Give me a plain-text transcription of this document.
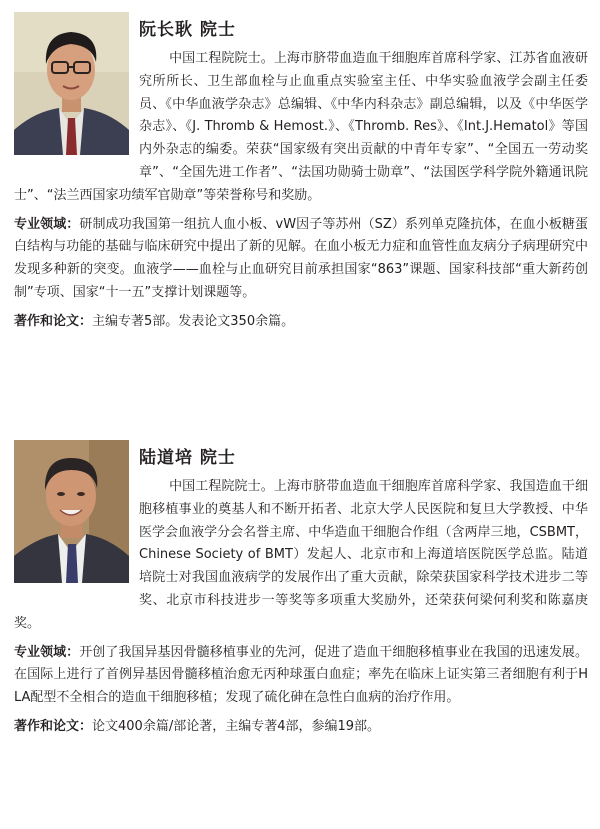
阮长耿 院士

中国工程院院士。上海市脐带血造血干细胞库首席科学家、江苏省血液研究所所长、卫生部血栓与止血重点实验室主任、中华实验血液学会副主任委员、《中华血液学杂志》总编辑、《中华内科杂志》副总编辑，以及《中华医学杂志》、《J. Thromb & Hemost.》、《Thromb. Res》、《Int.J.Hematol》等国内外杂志的编委。荣获“国家级有突出贡献的中青年专家”、“全国五一劳动奖章”、“全国先进工作者”、“法国功勋骑士勋章”、“法国医学科学院外籍通讯院士”、“法兰西国家功绩军官勋章”等荣誉称号和奖励。

专业领域：研制成功我国第一组抗人血小板、vW因子等苏州（SZ）系列单克隆抗体，在血小板糖蛋白结构与功能的基础与临床研究中提出了新的见解。在血小板无力症和血管性血友病分子病理研究中发现多种新的突变。血液学——血栓与止血研究目前承担国家“863”课题、国家科技部“重大新药创制”专项、国家“十一五”支撑计划课题等。

著作和论文：主编专著5部。发表论文350余篇。

陆道培 院士

中国工程院院士。上海市脐带血造血干细胞库首席科学家、我国造血干细胞移植事业的奠基人和不断开拓者、北京大学人民医院和复旦大学教授、中华医学会血液学分会名誉主席、中华造血干细胞合作组（含两岸三地，CSBMT，Chinese Society of BMT）发起人、北京市和上海道培医院医学总监。陆道培院士对我国血液病学的发展作出了重大贡献，除荣获国家科学技术进步二等奖、北京市科技进步一等奖等多项重大奖励外，还荣获何梁何利奖和陈嘉庚奖。

专业领域：开创了我国异基因骨髓移植事业的先河，促进了造血干细胞移植事业在我国的迅速发展。在国际上进行了首例异基因骨髓移植治愈无丙种球蛋白血症；率先在临床上证实第三者细胞有利于HLA配型不全相合的造血干细胞移植；发现了硫化砷在急性白血病的治疗作用。

著作和论文：论文400余篇/部论著，主编专著4部，参编19部。
